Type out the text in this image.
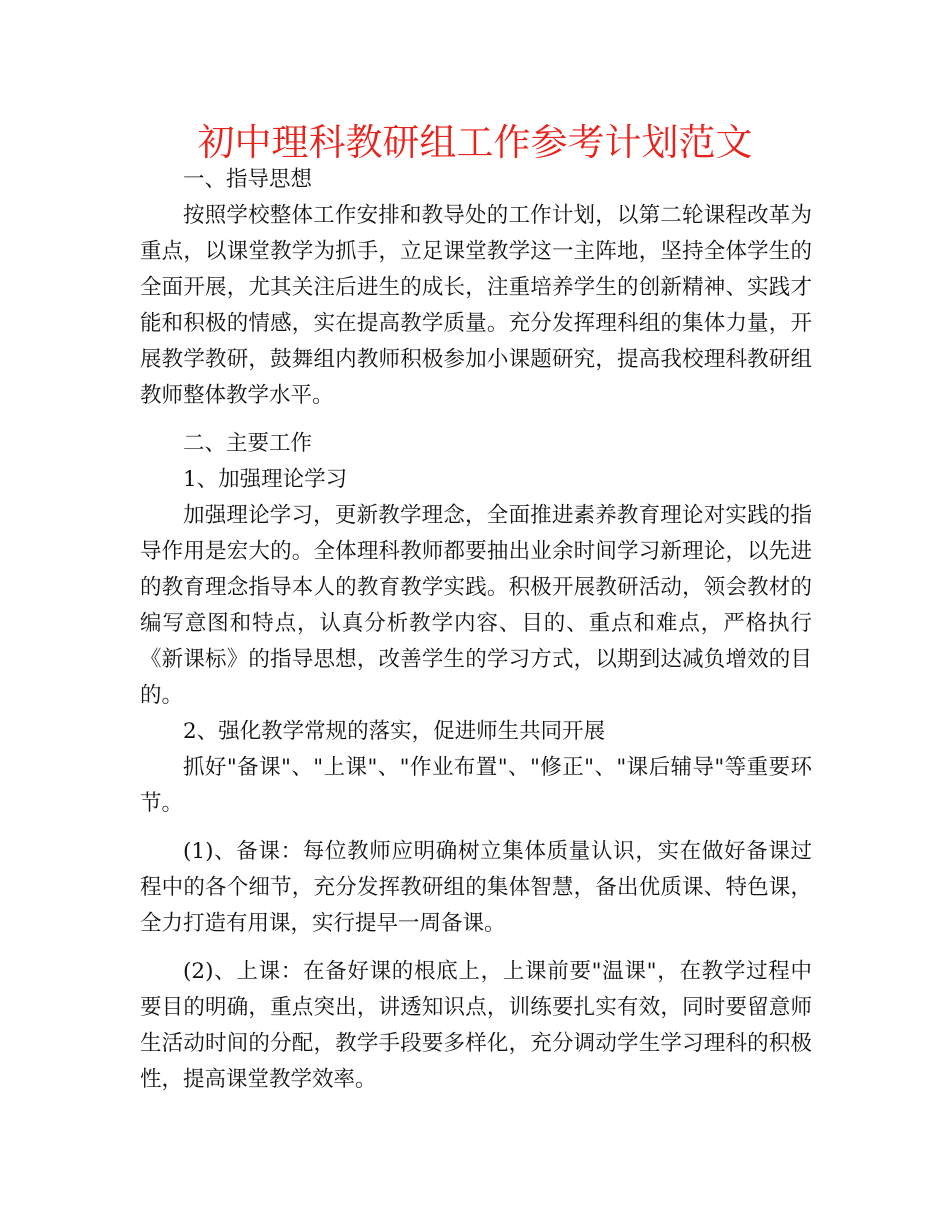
初中理科教研组工作参考计划范文

一、指导思想

按照学校整体工作安排和教导处的工作计划，以第二轮课程改革为重点，以课堂教学为抓手，立足课堂教学这一主阵地，坚持全体学生的全面开展，尤其关注后进生的成长，注重培养学生的创新精神、实践才能和积极的情感，实在提高教学质量。充分发挥理科组的集体力量，开展教学教研，鼓舞组内教师积极参加小课题研究，提高我校理科教研组教师整体教学水平。

二、主要工作

1、加强理论学习

加强理论学习，更新教学理念，全面推进素养教育理论对实践的指导作用是宏大的。全体理科教师都要抽出业余时间学习新理论，以先进的教育理念指导本人的教育教学实践。积极开展教研活动，领会教材的编写意图和特点，认真分析教学内容、目的、重点和难点，严格执行《新课标》的指导思想，改善学生的学习方式，以期到达减负增效的目的。

2、强化教学常规的落实，促进师生共同开展

抓好"备课"、"上课"、"作业布置"、"修正"、"课后辅导"等重要环节。

(1)、备课：每位教师应明确树立集体质量认识，实在做好备课过程中的各个细节，充分发挥教研组的集体智慧，备出优质课、特色课，全力打造有用课，实行提早一周备课。

(2)、上课：在备好课的根底上，上课前要"温课"，在教学过程中要目的明确，重点突出，讲透知识点，训练要扎实有效，同时要留意师生活动时间的分配，教学手段要多样化，充分调动学生学习理科的积极性，提高课堂教学效率。
